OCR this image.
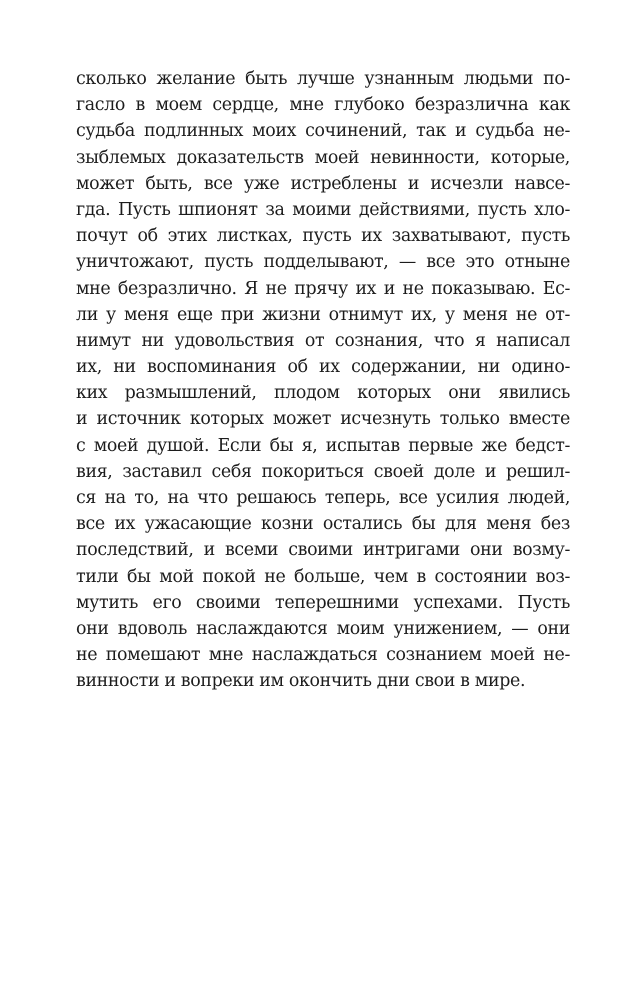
сколько желание быть лучше узнанным людьми по-
гасло в моем сердце, мне глубоко безразлична как
судьба подлинных моих сочинений, так и судьба не-
зыблемых доказательств моей невинности, которые,
может быть, все уже истреблены и исчезли навсе-
гда. Пусть шпионят за моими действиями, пусть хло-
почут об этих листках, пусть их захватывают, пусть
уничтожают, пусть подделывают, — все это отныне
мне безразлично. Я не прячу их и не показываю. Ес-
ли у меня еще при жизни отнимут их, у меня не от-
нимут ни удовольствия от сознания, что я написал
их, ни воспоминания об их содержании, ни одино-
ких размышлений, плодом которых они явились
и источник которых может исчезнуть только вместе
с моей душой. Если бы я, испытав первые же бедст-
вия, заставил себя покориться своей доле и решил-
ся на то, на что решаюсь теперь, все усилия людей,
все их ужасающие козни остались бы для меня без
последствий, и всеми своими интригами они возму-
тили бы мой покой не больше, чем в состоянии воз-
мутить его своими теперешними успехами. Пусть
они вдоволь наслаждаются моим унижением, — они
не помешают мне наслаждаться сознанием моей не-
винности и вопреки им окончить дни свои в мире.
